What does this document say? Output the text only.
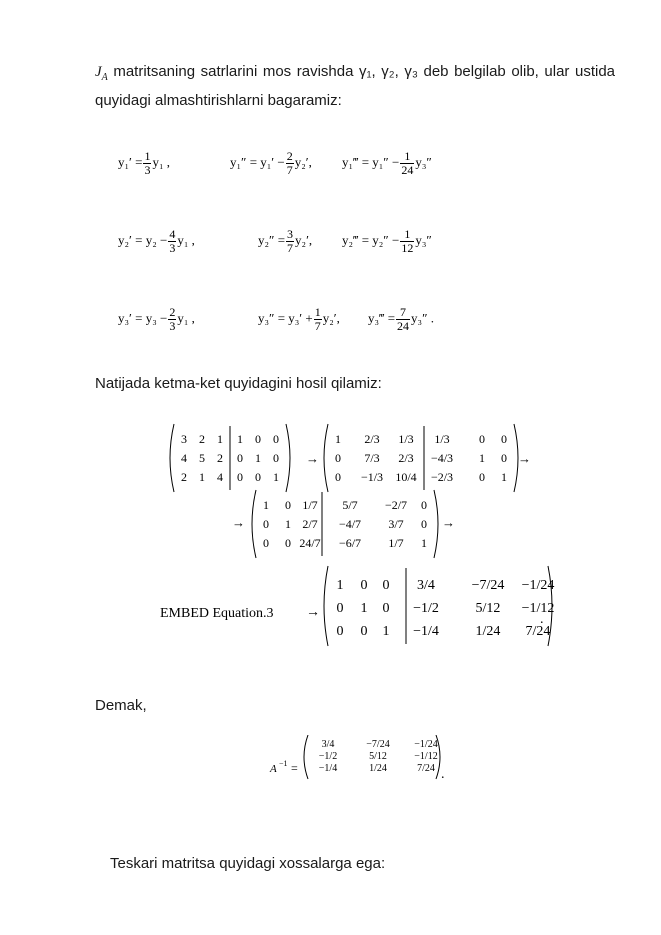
$J_A$ matritsaning satrlarini mos ravishda γ₁, γ₂, γ₃ deb belgilab olib, ular ustida quyidagi almashtirishlarni bagaramiz:
$y_1' = \frac{1}{3} y_1$ ,	$y_1'' = y_1' - \frac{2}{7} y_2'$, y₁‴ = $y_1'' - \frac{1}{24} y_3''$
$y_2' = y_2 - \frac{4}{3} y_1$ ,	$y_2'' = \frac{3}{7} y_2'$, y₂‴ = $y_2'' - \frac{1}{12} y_3''$
$y_3' = y_3 - \frac{2}{3} y_1$ ,	$y_3'' = y_3' + \frac{1}{7} y_2'$, y₃‴ = $\frac{7}{24} y_3''$ .
Natijada ketma-ket quyidagini hosil qilamiz:
3 2 1 1 0 0
4 5 2 0 1 0
2 1 4 0 0 1
→
1 2/3 1/3 1/3 0 0
0 7/3 2/3 −4/3 1 0
0 −1/3 10/4 −2/3 0 1
→
→
1 0 1/7 5/7 −2/7 0
0 1 2/7 −4/7 3/7 0
0 0 24/7 −6/7 1/7 1
→
1 0 0 3/4	−7/24 −1/24
0 1 0 −1/2	5/12 −1/12
0 0 1 −1/4	1/24 7/24
EMBED Equation.3 →	.
Demak,
A −1 =
3/4	−7/24 −1/24
−1/2	5/12	−1/12
−1/4	1/24	7/24 .
Teskari matritsa quyidagi xossalarga ega:
